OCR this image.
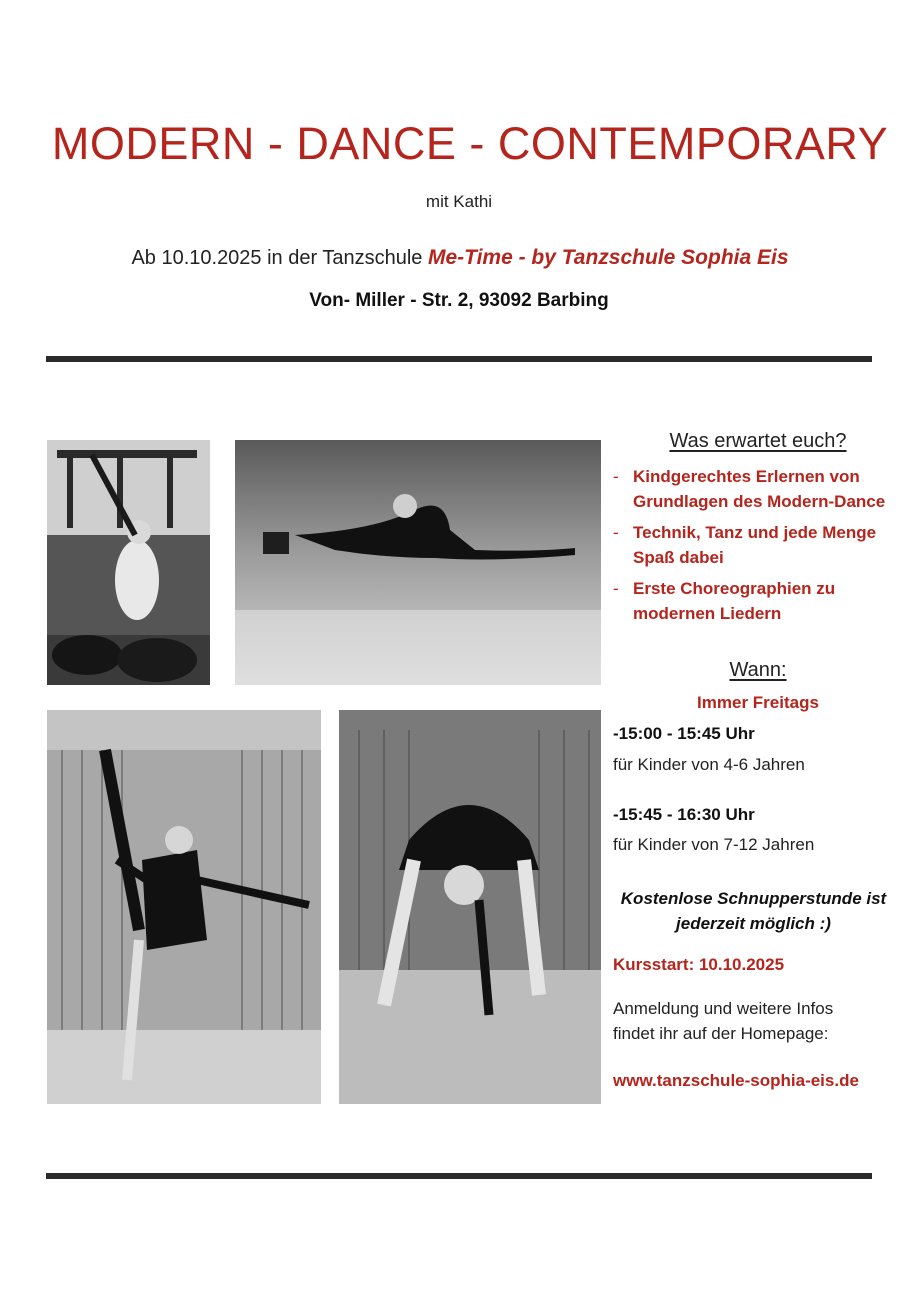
MODERN - DANCE - CONTEMPORARY
mit Kathi
Ab 10.10.2025 in der Tanzschule Me-Time - by Tanzschule Sophia Eis
Von- Miller - Str. 2, 93092 Barbing
Was erwartet euch?
- Kindgerechtes Erlernen von Grundlagen des Modern-Dance
- Technik, Tanz und jede Menge Spaß dabei
- Erste Choreographien zu modernen Liedern
Wann:
Immer Freitags
-15:00 - 15:45 Uhr
für Kinder von 4-6 Jahren
-15:45 - 16:30 Uhr
für Kinder von 7-12 Jahren
Kostenlose Schnupperstunde ist jederzeit möglich :)
Kursstart: 10.10.2025
Anmeldung und weitere Infos
findet ihr auf der Homepage:
www.tanzschule-sophia-eis.de
